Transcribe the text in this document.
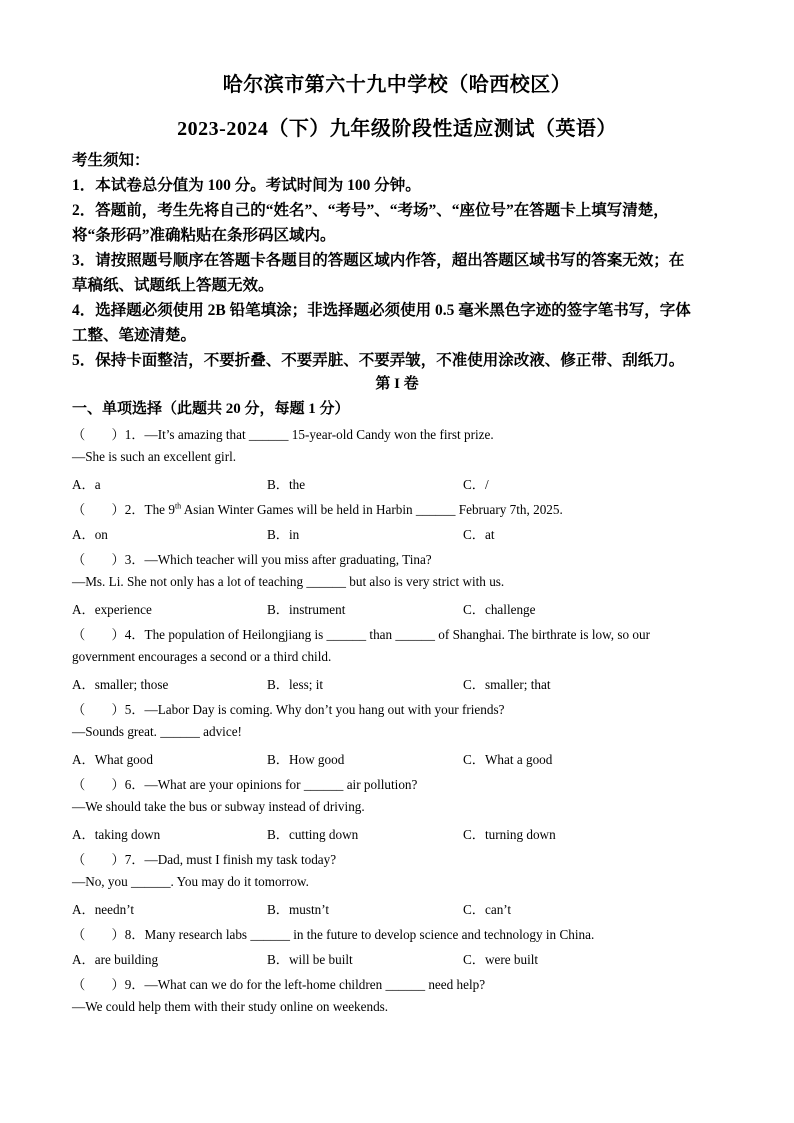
哈尔滨市第六十九中学校（哈西校区）
2023-2024（下）九年级阶段性适应测试（英语）
考生须知：
1．本试卷总分值为 100 分。考试时间为 100 分钟。
2．答题前，考生先将自己的“姓名”、“考号”、“考场”、“座位号”在答题卡上填写清楚，
将“条形码”准确粘贴在条形码区域内。
3．请按照题号顺序在答题卡各题目的答题区域内作答，超出答题区域书写的答案无效；在
草稿纸、试题纸上答题无效。
4．选择题必须使用 2B 铅笔填涂；非选择题必须使用 0.5 毫米黑色字迹的签字笔书写，字体
工整、笔迹清楚。
5．保持卡面整洁，不要折叠、不要弄脏、不要弄皱，不准使用涂改液、修正带、刮纸刀。
第 I 卷
一、单项选择（此题共 20 分，每题 1 分）
（　　）1．—It’s amazing that ______ 15-year-old Candy won the first prize.
—She is such an excellent girl.
A．a	B．the	C．/
（　　）2．The 9th Asian Winter Games will be held in Harbin ______ February 7th, 2025.
A．on	B．in	C．at
（　　）3．—Which teacher will you miss after graduating, Tina?
—Ms. Li. She not only has a lot of teaching ______ but also is very strict with us.
A．experience	B．instrument	C．challenge
（　　）4．The population of Heilongjiang is ______ than ______ of Shanghai. The birthrate is low, so our
government encourages a second or a third child.
A．smaller; those	B．less; it	C．smaller; that
（　　）5．—Labor Day is coming. Why don’t you hang out with your friends?
—Sounds great. ______ advice!
A．What good	B．How good	C．What a good
（　　）6．—What are your opinions for ______ air pollution?
—We should take the bus or subway instead of driving.
A．taking down	B．cutting down	C．turning down
（　　）7．—Dad, must I finish my task today?
—No, you ______. You may do it tomorrow.
A．needn’t	B．mustn’t	C．can’t
（　　）8．Many research labs ______ in the future to develop science and technology in China.
A．are building	B．will be built	C．were built
（　　）9．—What can we do for the left-home children ______ need help?
—We could help them with their study online on weekends.
